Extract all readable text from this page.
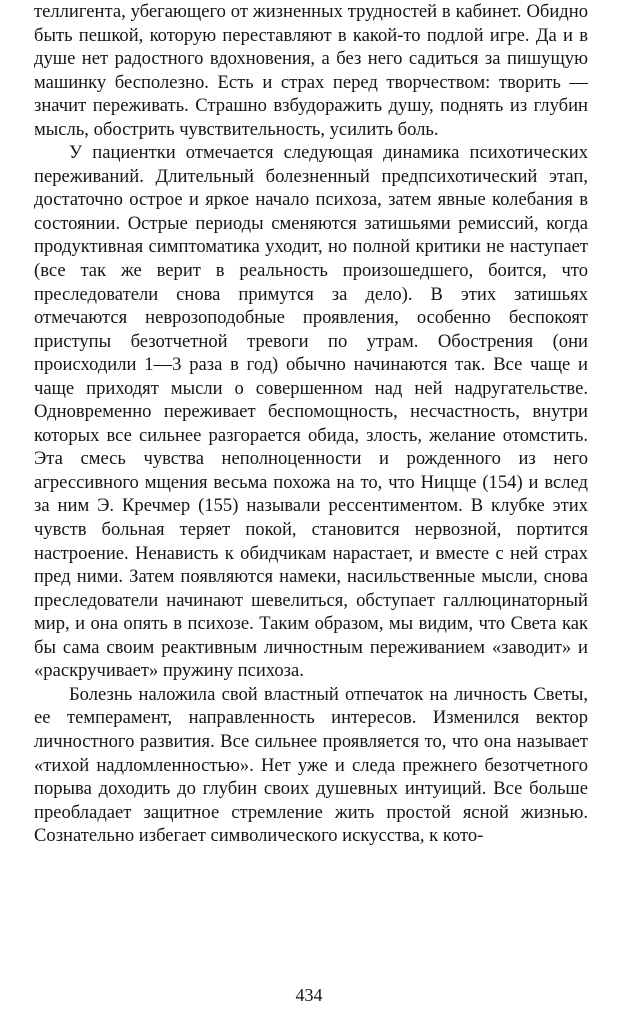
теллигента, убегающего от жизненных трудностей в кабинет. Обидно быть пешкой, которую переставляют в какой-то подлой игре. Да и в душе нет радостного вдохновения, а без него садиться за пишущую машинку бесполезно. Есть и страх перед творчеством: творить — значит переживать. Страшно взбудоражить душу, поднять из глубин мысль, обострить чувствительность, усилить боль.

У пациентки отмечается следующая динамика психотических переживаний. Длительный болезненный предпсихотический этап, достаточно острое и яркое начало психоза, затем явные колебания в состоянии. Острые периоды сменяются затишьями ремиссий, когда продуктивная симптоматика уходит, но полной критики не наступает (все так же верит в реальность произошедшего, боится, что преследователи снова примутся за дело). В этих затишьях отмечаются неврозоподобные проявления, особенно беспокоят приступы безотчетной тревоги по утрам. Обострения (они происходили 1—3 раза в год) обычно начинаются так. Все чаще и чаще приходят мысли о совершенном над ней надругательстве. Одновременно переживает беспомощность, несчастность, внутри которых все сильнее разгорается обида, злость, желание отомстить. Эта смесь чувства неполноценности и рожденного из него агрессивного мщения весьма похожа на то, что Ницще (154) и вслед за ним Э. Кречмер (155) называли рессентиментом. В клубке этих чувств больная теряет покой, становится нервозной, портится настроение. Ненависть к обидчикам нарастает, и вместе с ней страх пред ними. Затем появляются намеки, насильственные мысли, снова преследователи начинают шевелиться, обступает галлюцинаторный мир, и она опять в психозе. Таким образом, мы видим, что Света как бы сама своим реактивным личностным переживанием «заводит» и «раскручивает» пружину психоза.

Болезнь наложила свой властный отпечаток на личность Светы, ее темперамент, направленность интересов. Изменился вектор личностного развития. Все сильнее проявляется то, что она называет «тихой надломленностью». Нет уже и следа прежнего безотчетного порыва доходить до глубин своих душевных интуиций. Все больше преобладает защитное стремление жить простой ясной жизнью. Сознательно избегает символического искусства, к кото-

434
